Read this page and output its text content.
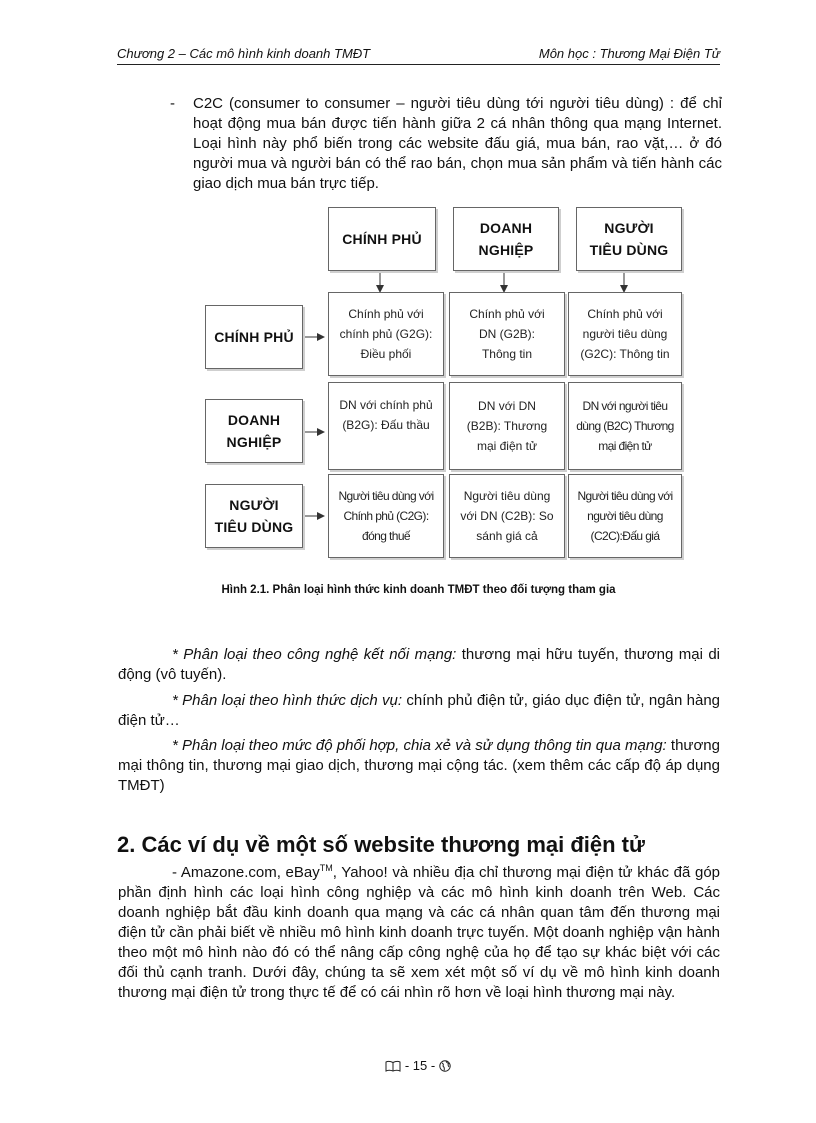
Chương 2 – Các mô hình kinh doanh TMĐT	Môn học : Thương Mại Điện Tử
- C2C (consumer to consumer – người tiêu dùng tới người tiêu dùng) : để chỉ hoạt động mua bán được tiến hành giữa 2 cá nhân thông qua mạng Internet. Loại hình này phổ biến trong các website đấu giá, mua bán, rao vặt,… ở đó người mua và người bán có thể rao bán, chọn mua sản phẩm và tiến hành các giao dịch mua bán trực tiếp.
CHÍNH PHỦ
DOANH
NGHIỆP
NGƯỜI
TIÊU DÙNG
CHÍNH PHỦ
DOANH
NGHIỆP
NGƯỜI
TIÊU DÙNG
Chính phủ với
chính phủ (G2G):
Điều phối
Chính phủ với
DN (G2B):
Thông tin
Chính phủ với
người tiêu dùng
(G2C): Thông tin
DN với chính phủ
(B2G): Đấu thầu
DN với DN
(B2B): Thương
mại điện tử
DN với người tiêu
dùng (B2C) Thương
mại điện tử
Người tiêu dùng với
Chính phủ (C2G):
đóng thuế
Người tiêu dùng
với DN (C2B): So
sánh giá cả
Người tiêu dùng với
người tiêu dùng
(C2C):Đấu giá
Hình 2.1. Phân loại hình thức kinh doanh TMĐT theo đối tượng tham gia
* Phân loại theo công nghệ kết nối mạng: thương mại hữu tuyến, thương mại di động (vô tuyến).
* Phân loại theo hình thức dịch vụ: chính phủ điện tử, giáo dục điện tử, ngân hàng điện tử…
* Phân loại theo mức độ phối hợp, chia xẻ và sử dụng thông tin qua mạng: thương mại thông tin, thương mại giao dịch, thương mại cộng tác. (xem thêm các cấp độ áp dụng TMĐT)
2. Các ví dụ về một số website thương mại điện tử
- Amazone.com, eBay™, Yahoo! và nhiều địa chỉ thương mại điện tử khác đã góp phần định hình các loại hình công nghiệp và các mô hình kinh doanh trên Web. Các doanh nghiệp bắt đầu kinh doanh qua mạng và các cá nhân quan tâm đến thương mại điện tử cần phải biết về nhiều mô hình kinh doanh trực tuyến. Một doanh nghiệp vận hành theo một mô hình nào đó có thể nâng cấp công nghệ của họ để tạo sự khác biệt với các đối thủ cạnh tranh. Dưới đây, chúng ta sẽ xem xét một số ví dụ về mô hình kinh doanh thương mại điện tử trong thực tế để có cái nhìn rõ hơn về loại hình thương mại này.
- 15 -
